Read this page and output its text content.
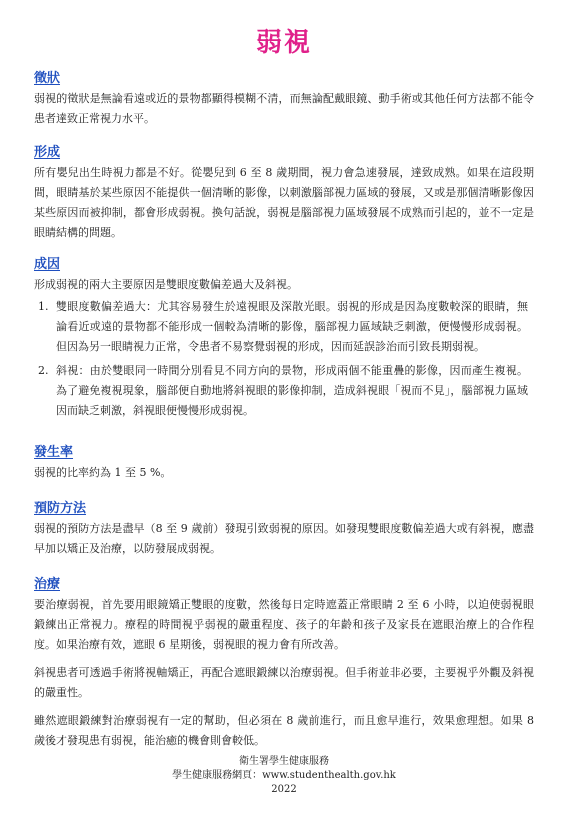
弱視
徵狀

弱視的徵狀是無論看遠或近的景物都顯得模糊不清，而無論配戴眼鏡、動手術或其他任何方法都不能令患者達致正常視力水平。

形成

所有嬰兒出生時視力都是不好。從嬰兒到 6 至 8 歲期間，視力會急速發展，達致成熟。如果在這段期間，眼睛基於某些原因不能提供一個清晰的影像，以刺激腦部視力區域的發展，又或是那個清晰影像因某些原因而被抑制，都會形成弱視。換句話說，弱視是腦部視力區域發展不成熟而引起的，並不一定是眼睛結構的問題。

成因

形成弱視的兩大主要原因是雙眼度數偏差過大及斜視。

1. 雙眼度數偏差過大：尤其容易發生於遠視眼及深散光眼。弱視的形成是因為度數較深的眼睛，無論看近或遠的景物都不能形成一個較為清晰的影像，腦部視力區域缺乏刺激，便慢慢形成弱視。但因為另一眼睛視力正常，令患者不易察覺弱視的形成，因而延誤診治而引致長期弱視。
2. 斜視：由於雙眼同一時間分別看見不同方向的景物，形成兩個不能重疊的影像，因而產生複視。為了避免複視現象，腦部便自動地將斜視眼的影像抑制，造成斜視眼「視而不見」，腦部視力區域因而缺乏刺激，斜視眼便慢慢形成弱視。
發生率

弱視的比率約為 1 至 5 %。

預防方法

弱視的預防方法是盡早（8 至 9 歲前）發現引致弱視的原因。如發現雙眼度數偏差過大或有斜視，應盡早加以矯正及治療，以防發展成弱視。

治療

要治療弱視，首先要用眼鏡矯正雙眼的度數，然後每日定時遮蓋正常眼睛 2 至 6 小時，以迫使弱視眼鍛練出正常視力。療程的時間視乎弱視的嚴重程度、孩子的年齡和孩子及家長在遮眼治療上的合作程度。如果治療有效，遮眼 6 星期後，弱視眼的視力會有所改善。

斜視患者可透過手術將視軸矯正，再配合遮眼鍛練以治療弱視。但手術並非必要，主要視乎外觀及斜視的嚴重性。

雖然遮眼鍛練對治療弱視有一定的幫助，但必須在 8 歲前進行，而且愈早進行，效果愈理想。如果 8 歲後才發現患有弱視，能治癒的機會則會較低。

衛生署學生健康服務
學生健康服務網頁：www.studenthealth.gov.hk
2022
